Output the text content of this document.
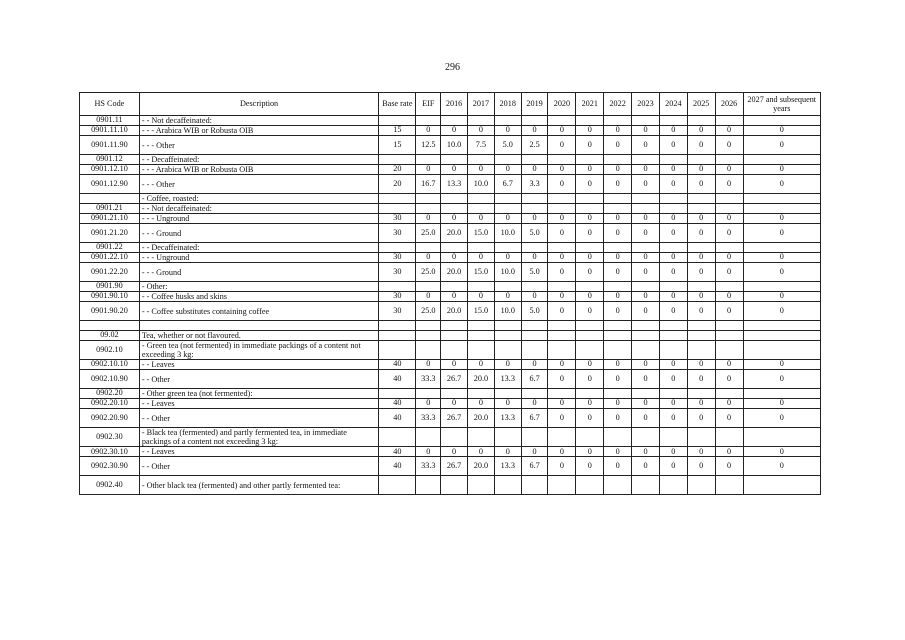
296
HS Code	Description	Base rate	EIF	2016	2017	2018	2019	2020	2021	2022	2023	2024	2025	2026	2027 and subsequent years
0901.11	- - Not decaffeinated:														
0901.11.10	- - - Arabica WIB or Robusta OIB	15	0	0	0	0	0	0	0	0	0	0	0	0	0
0901.11.90	- - - Other	15	12.5	10.0	7.5	5.0	2.5	0	0	0	0	0	0	0	0
0901.12	- - Decaffeinated:														
0901.12.10	- - - Arabica WIB or Robusta OIB	20	0	0	0	0	0	0	0	0	0	0	0	0	0
0901.12.90	- - - Other	20	16.7	13.3	10.0	6.7	3.3	0	0	0	0	0	0	0	0
	- Coffee, roasted:														
0901.21	- - Not decaffeinated:														
0901.21.10	- - - Unground	30	0	0	0	0	0	0	0	0	0	0	0	0	0
0901.21.20	- - - Ground	30	25.0	20.0	15.0	10.0	5.0	0	0	0	0	0	0	0	0
0901.22	- - Decaffeinated:														
0901.22.10	- - - Unground	30	0	0	0	0	0	0	0	0	0	0	0	0	0
0901.22.20	- - - Ground	30	25.0	20.0	15.0	10.0	5.0	0	0	0	0	0	0	0	0
0901.90	- Other:														
0901.90.10	- - Coffee husks and skins	30	0	0	0	0	0	0	0	0	0	0	0	0	0
0901.90.20	- - Coffee substitutes containing coffee	30	25.0	20.0	15.0	10.0	5.0	0	0	0	0	0	0	0	0

09.02	Tea, whether or not flavoured.														
0902.10	- Green tea (not fermented) in immediate packings of a content not exceeding 3 kg:														
0902.10.10	- - Leaves	40	0	0	0	0	0	0	0	0	0	0	0	0	0
0902.10.90	- - Other	40	33.3	26.7	20.0	13.3	6.7	0	0	0	0	0	0	0	0
0902.20	- Other green tea (not fermented):														
0902.20.10	- - Leaves	40	0	0	0	0	0	0	0	0	0	0	0	0	0
0902.20.90	- - Other	40	33.3	26.7	20.0	13.3	6.7	0	0	0	0	0	0	0	0
0902.30	- Black tea (fermented) and partly fermented tea, in immediate packings of a content not exceeding 3 kg:														
0902.30.10	- - Leaves	40	0	0	0	0	0	0	0	0	0	0	0	0	0
0902.30.90	- - Other	40	33.3	26.7	20.0	13.3	6.7	0	0	0	0	0	0	0	0
0902.40	- Other black tea (fermented) and other partly fermented tea:														
